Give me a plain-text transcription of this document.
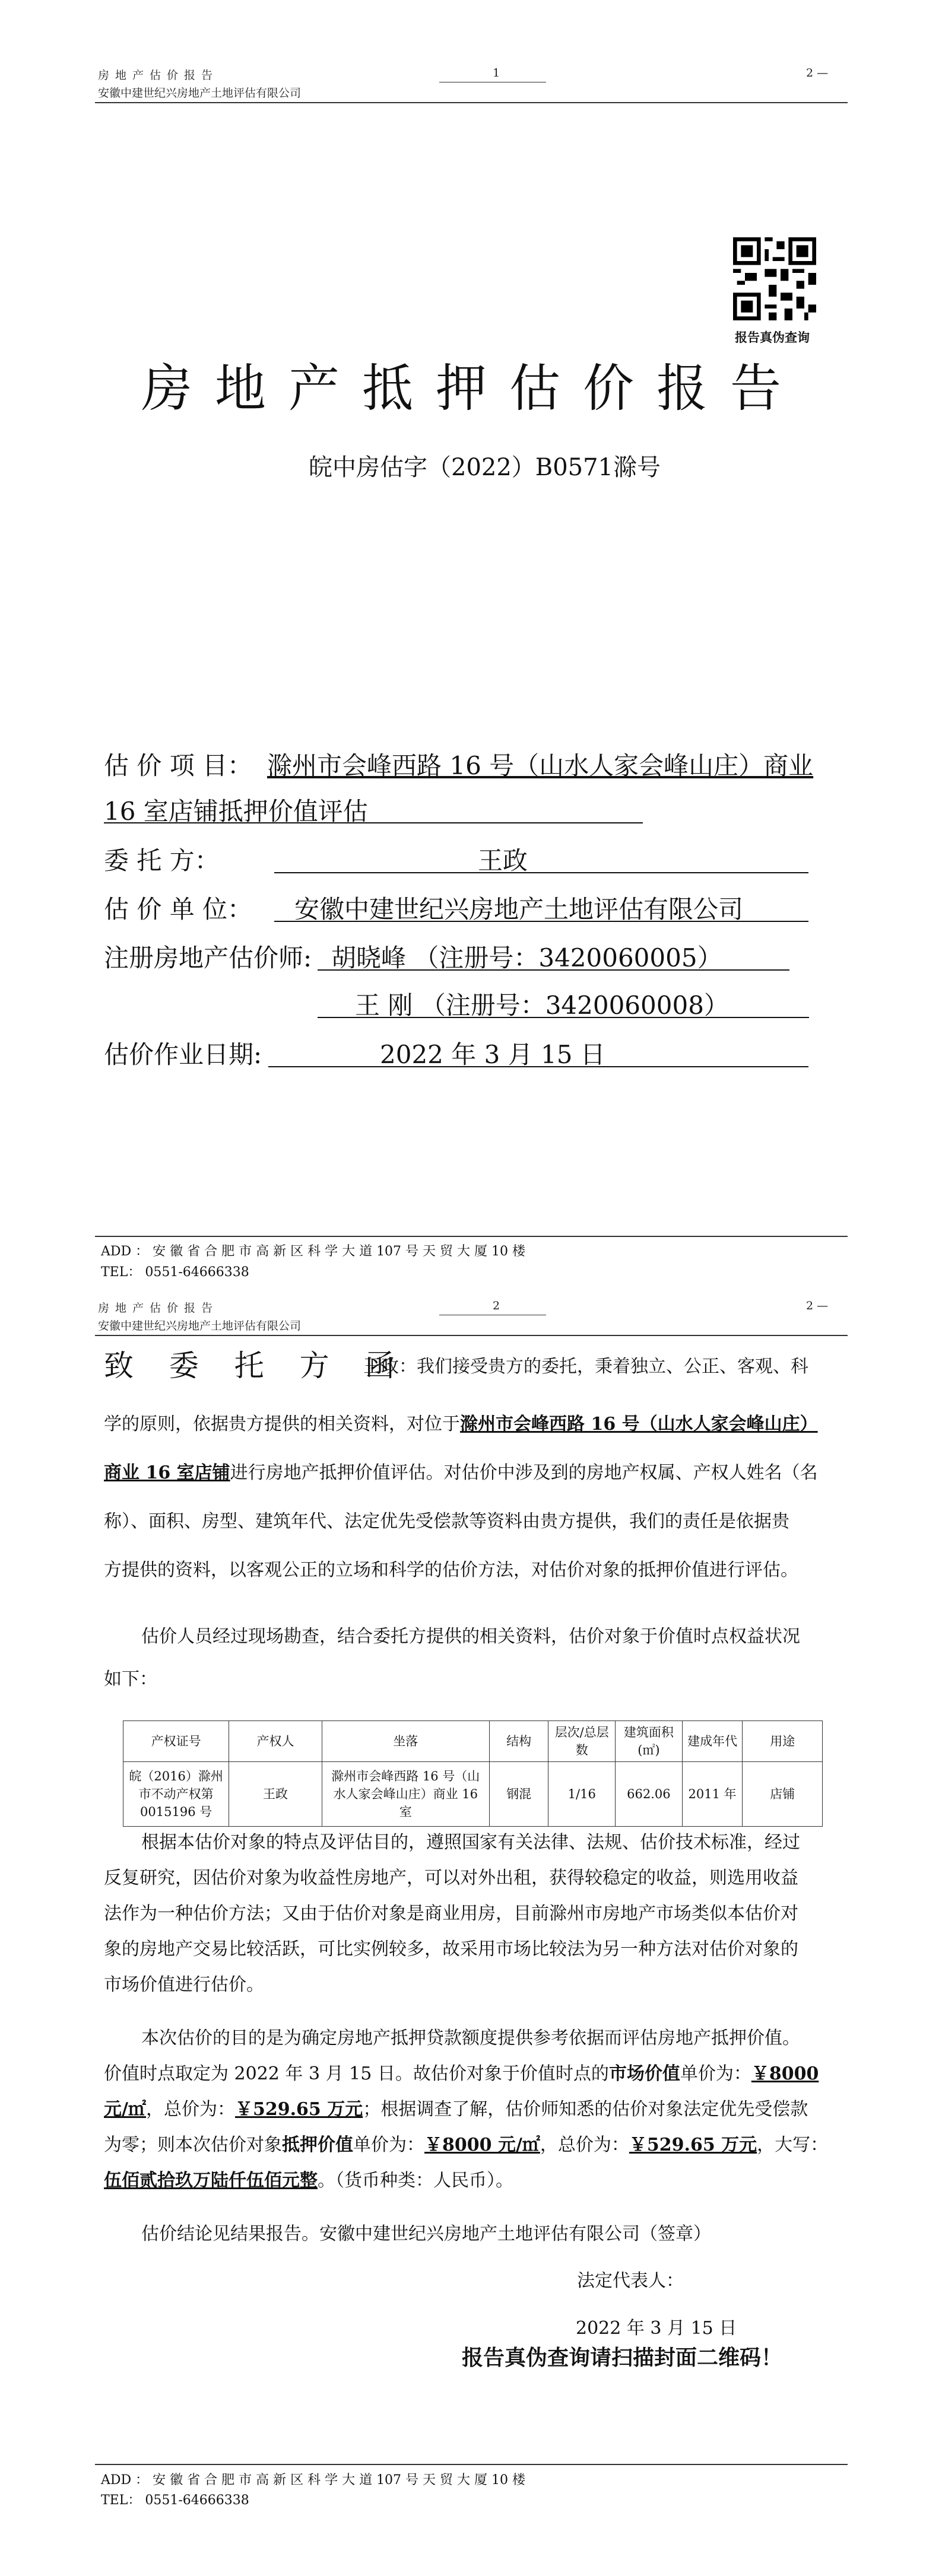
房地产估价报告
安徽中建世纪兴房地产土地评估有限公司
1	2 —
报告真伪查询
房地产抵押估价报告
皖中房估字（2022）B0571滁号
估 价 项 目： 滁州市会峰西路 16 号（山水人家会峰山庄）商业
16 室店铺抵押价值评估
委 托 方：	王政
估 价 单 位： 安徽中建世纪兴房地产土地评估有限公司
注册房地产估价师: 胡晓峰 （注册号：3420060005）
王 刚 （注册号：3420060008）
估价作业日期:	2022 年 3 月 15 日
ADD ： 安 徽 省 合 肥 市 高 新 区 科 学 大 道 107 号 天 贸 大 厦 10 楼
TEL： 0551-64666338
房地产估价报告
安徽中建世纪兴房地产土地评估有限公司
2	2 —
致 委 托 方 函
王政：我们接受贵方的委托，秉着独立、公正、客观、科
学的原则，依据贵方提供的相关资料，对位于滁州市会峰西路 16 号（山水人家会峰山庄）
商业 16 室店铺进行房地产抵押价值评估。对估价中涉及到的房地产权属、产权人姓名（名
称）、面积、房型、建筑年代、法定优先受偿款等资料由贵方提供，我们的责任是依据贵
方提供的资料，以客观公正的立场和科学的估价方法，对估价对象的抵押价值进行评估。
估价人员经过现场勘查，结合委托方提供的相关资料，估价对象于价值时点权益状况
如下：
产权证号	产权人	坐落	结构	层次/总层数	建筑面积(㎡)	建成年代	用途
皖（2016）滁州市不动产权第 0015196 号	王政	滁州市会峰西路 16 号（山水人家会峰山庄）商业 16 室	钢混	1/16	662.06	2011 年	店铺
根据本估价对象的特点及评估目的，遵照国家有关法律、法规、估价技术标准，经过
反复研究，因估价对象为收益性房地产，可以对外出租，获得较稳定的收益，则选用收益
法作为一种估价方法；又由于估价对象是商业用房，目前滁州市房地产市场类似本估价对
象的房地产交易比较活跃，可比实例较多，故采用市场比较法为另一种方法对估价对象的
市场价值进行估价。
本次估价的目的是为确定房地产抵押贷款额度提供参考依据而评估房地产抵押价值。
价值时点取定为 2022 年 3 月 15 日。故估价对象于价值时点的市场价值单价为：￥8000
元/㎡，总价为：￥529.65 万元；根据调查了解，估价师知悉的估价对象法定优先受偿款
为零；则本次估价对象抵押价值单价为：￥8000 元/㎡，总价为：￥529.65 万元，大写：
伍佰贰拾玖万陆仟伍佰元整。（货币种类：人民币）。
估价结论见结果报告。安徽中建世纪兴房地产土地评估有限公司（签章）
法定代表人：
2022 年 3 月 15 日
报告真伪查询请扫描封面二维码！
ADD ： 安 徽 省 合 肥 市 高 新 区 科 学 大 道 107 号 天 贸 大 厦 10 楼
TEL： 0551-64666338
